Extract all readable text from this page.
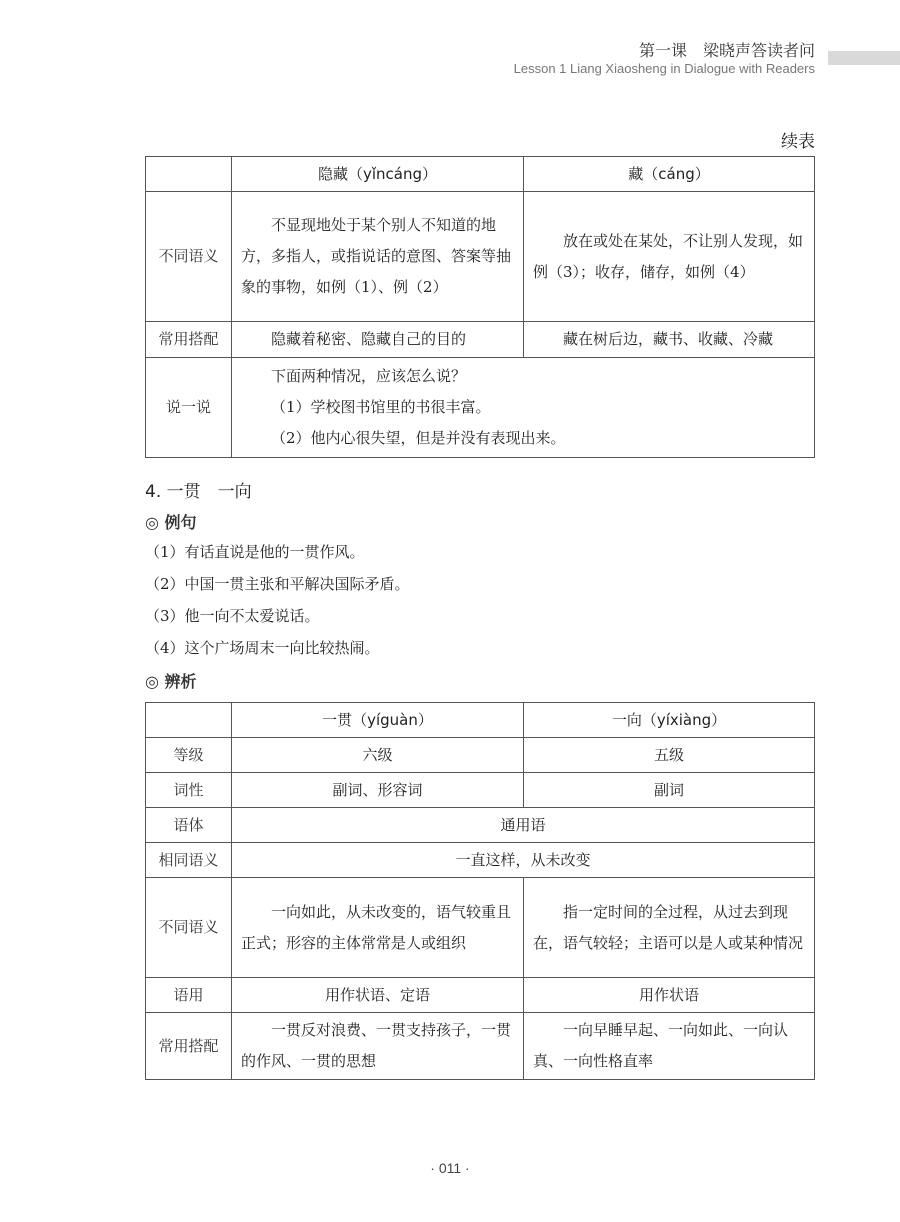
第一课　梁晓声答读者问
Lesson 1 Liang Xiaosheng in Dialogue with Readers
续表
	隐藏（yǐncáng）	藏（cáng）
不同语义	不显现地处于某个别人不知道的地方，多指人，或指说话的意图、答案等抽象的事物，如例（1）、例（2）	放在或处在某处，不让别人发现，如例（3）；收存，储存，如例（4）

常用搭配	隐藏着秘密、隐藏自己的目的	藏在树后边，藏书、收藏、冷藏

说一说	下面两种情况，应该怎么说？
（1）学校图书馆里的书很丰富。
（2）他内心很失望，但是并没有表现出来。	
4. 一贯　一向
◎ 例句
（1）有话直说是他的一贯作风。
（2）中国一贯主张和平解决国际矛盾。
（3）他一向不太爱说话。
（4）这个广场周末一向比较热闹。
◎ 辨析
	一贯（yíguàn）	一向（yíxiàng）
等级	六级	五级
词性	副词、形容词	副词
语体	通用语	
相同语义	一直这样，从未改变	
不同语义	一向如此，从未改变的，语气较重且正式；形容的主体常常是人或组织	指一定时间的全过程，从过去到现在，语气较轻；主语可以是人或某种情况

语用	用作状语、定语	用作状语
常用搭配	一贯反对浪费、一贯支持孩子，一贯的作风、一贯的思想	一向早睡早起、一向如此、一向认真、一向性格直率
· 011 ·
